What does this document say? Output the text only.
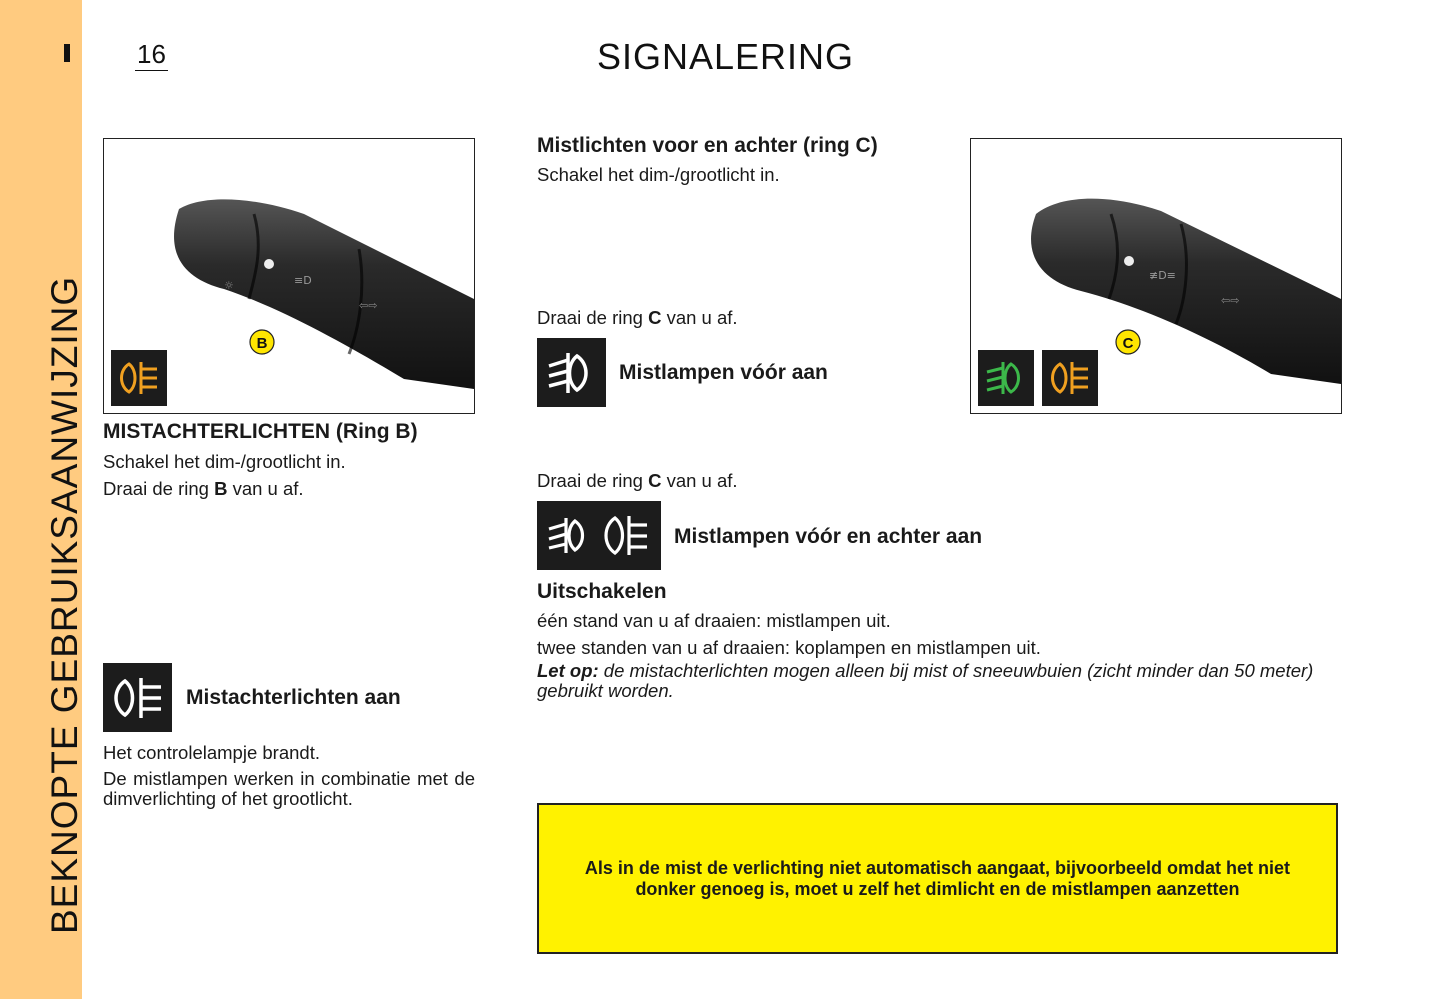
BEKNOPTE GEBRUIKSAANWIJZING
16	SIGNALERING
≡D
⇦⇨
☼
B
MISTACHTERLICHTEN (Ring B)
Schakel het dim-/grootlicht in.
Draai de ring B van u af.
Mistachterlichten aan
Het controlelampje brandt.
De mistlampen werken in combinatie met de dimverlichting of het grootlicht.
Mistlichten voor en achter (ring C)
Schakel het dim-/grootlicht in.
Draai de ring C van u af.
Mistlampen vóór aan
Draai de ring C van u af.
Mistlampen vóór en achter aan
Uitschakelen
één stand van u af draaien: mistlampen uit.
twee standen van u af draaien: koplampen en mistlampen uit.
Let op: de mistachterlichten mogen alleen bij mist of sneeuwbuien (zicht minder dan 50 meter) gebruikt worden.
Als in de mist de verlichting niet automatisch aangaat, bijvoorbeeld omdat het niet donker genoeg is, moet u zelf het dimlicht en de mistlampen aanzetten
≢D≡
⇦⇨
C
